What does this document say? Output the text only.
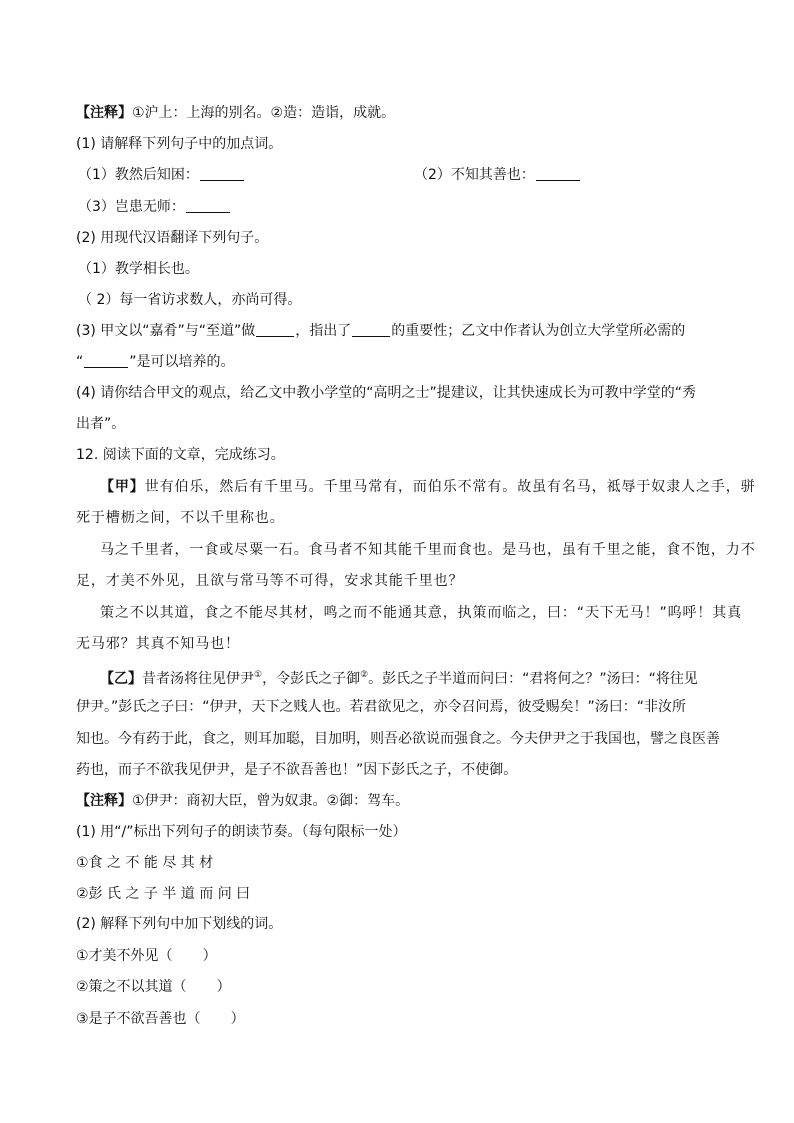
【注释】①沪上：上海的别名。②造：造诣，成就。
(1) 请解释下列句子中的加点词。
（1）教然后知困：	（2）不知其善也：
（3）岂患无师：
(2) 用现代汉语翻译下列句子。
（1）教学相长也。
（ 2）每一省访求数人，亦尚可得。
(3) 甲文以“嘉肴”与“至道”做	，指出了	的重要性；乙文中作者认为创立大学堂所必需的
“	”是可以培养的。
(4) 请你结合甲文的观点，给乙文中教小学堂的“高明之士”提建议，让其快速成长为可教中学堂的“秀
出者”。
12. 阅读下面的文章，完成练习。
【甲】世有伯乐，然后有千里马。千里马常有，而伯乐不常有。故虽有名马，祗辱于奴隶人之手，骈
死于槽枥之间，不以千里称也。
马之千里者，一食或尽粟一石。食马者不知其能千里而食也。是马也，虽有千里之能，食不饱，力不
足，才美不外见，且欲与常马等不可得，安求其能千里也？
策之不以其道，食之不能尽其材，鸣之而不能通其意，执策而临之，曰：“天下无马！”呜呼！其真
无马邪？其真不知马也！
【乙】昔者汤将往见伊尹①，令彭氏之子御②。彭氏之子半道而问曰：“君将何之？”汤曰：“将往见
伊尹。”彭氏之子曰：“伊尹，天下之贱人也。若君欲见之，亦令召问焉，彼受赐矣！”汤曰：“非汝所
知也。今有药于此，食之，则耳加聪，目加明，则吾必欲说而强食之。今夫伊尹之于我国也，譬之良医善
药也，而子不欲我见伊尹，是子不欲吾善也！”因下彭氏之子，不使御。
【注释】①伊尹：商初大臣，曾为奴隶。②御：驾车。
(1) 用“/”标出下列句子的朗读节奏。（每句限标一处）
①食 之 不 能 尽 其 材
②彭 氏 之 子 半 道 而 问 曰
(2) 解释下列句中加下划线的词。
①才美不外见（ ）
②策之不以其道（ ）
③是子不欲吾善也（ ）
